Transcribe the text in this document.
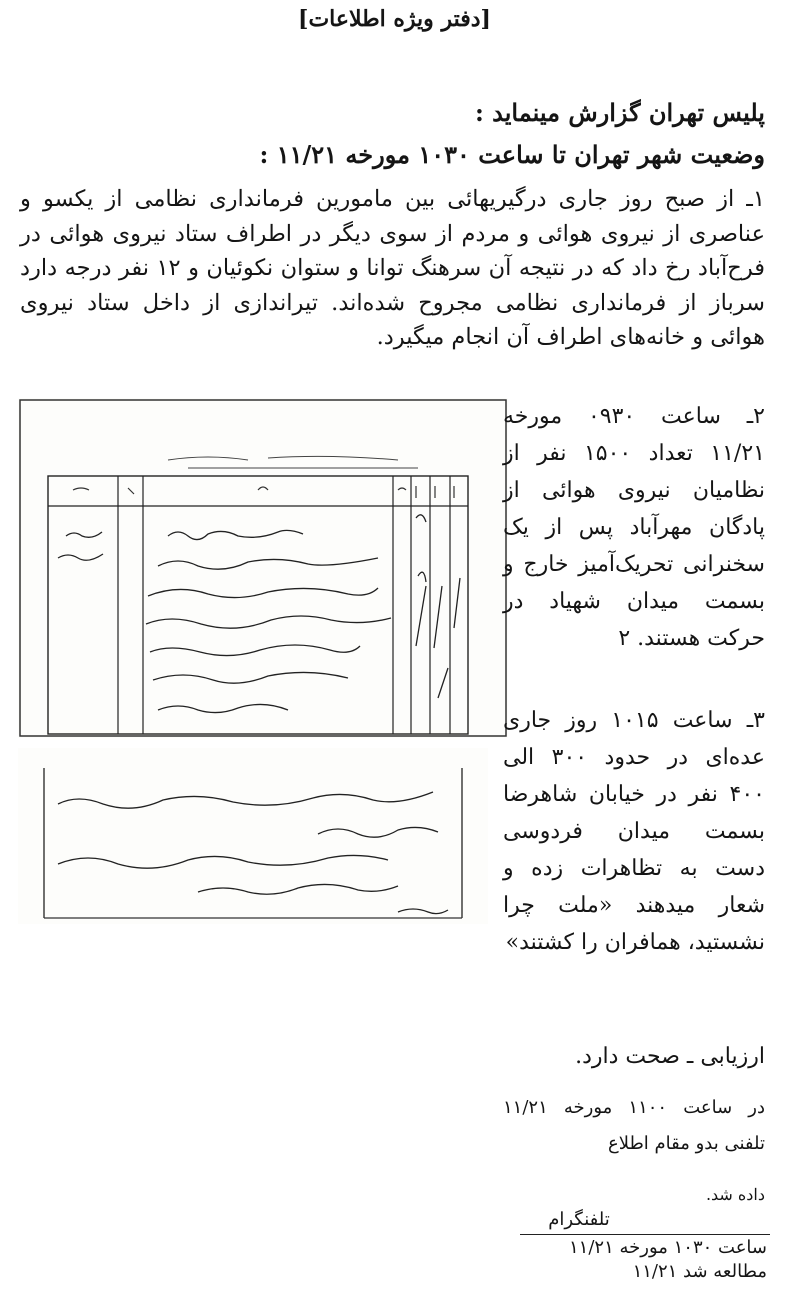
[دفتر ویژه اطلاعات]
پلیس تهران گزارش مینماید :
وضعیت شهر تهران تا ساعت ۱۰۳۰ مورخه ۱۱/۲۱ :
۱ـ از صبح روز جاری درگیریهائی بین مامورین فرمانداری نظامی از یکسو و عناصری از نیروی هوائی و مردم از سوی دیگر در اطراف ستاد نیروی هوائی در فرح‌آباد رخ داد که در نتیجه آن سرهنگ توانا و ستوان نکوئیان و ۱۲ نفر درجه دارد سرباز از فرمانداری نظامی مجروح شده‌اند. تیراندازی از داخل ستاد نیروی هوائی و خانه‌های اطراف آن انجام میگیرد.
۲ـ ساعت ۰۹۳۰ مورخه ۱۱/۲۱ تعداد ۱۵۰۰ نفر از نظامیان نیروی هوائی از پادگان مهرآباد پس از یک سخنرانی تحریک‌آمیز خارج و بسمت میدان شهیاد در حرکت هستند. ۲
۳ـ ساعت ۱۰۱۵ روز جاری عده‌ای در حدود ۳۰۰ الی ۴۰۰ نفر در خیابان شاهرضا بسمت میدان فردوسی دست به تظاهرات زده و شعار میدهند «ملت چرا نشستید، همافران را کشتند»
ارزیابی ـ صحت دارد.
در ساعت ۱۱۰۰ مورخه ۱۱/۲۱ تلفنی بدو مقام اطلاع
داده شد.
تلفنگرام
ساعت ۱۰۳۰ مورخه ۱۱/۲۱
مطالعه شد ۱۱/۲۱
